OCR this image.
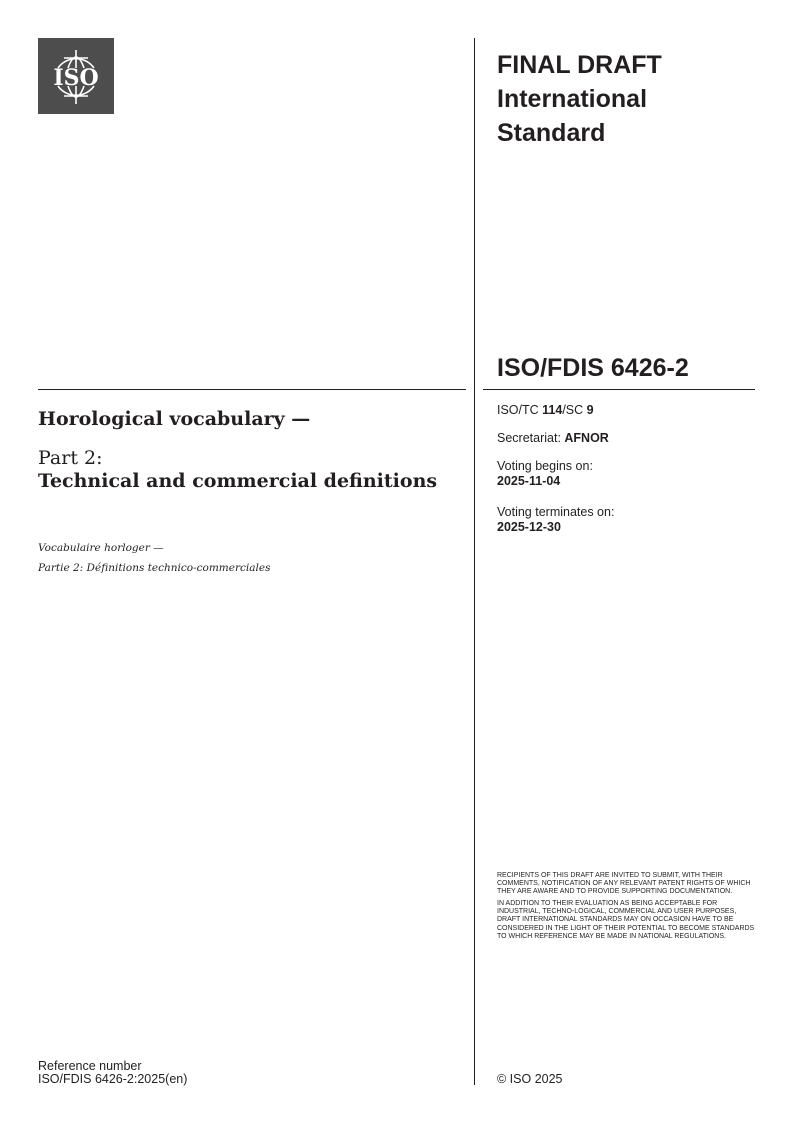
ISO	FINAL DRAFT
International
Standard
ISO/FDIS 6426-2
Horological vocabulary —
Part 2:
Technical and commercial definitions
Vocabulaire horloger —
Partie 2: Définitions technico-commerciales
ISO/TC 114/SC 9
Secretariat: AFNOR
Voting begins on:
2025-11-04
Voting terminates on:
2025-12-30

RECIPIENTS OF THIS DRAFT ARE INVITED TO SUBMIT, WITH THEIR COMMENTS, NOTIFICATION OF ANY RELEVANT PATENT RIGHTS OF WHICH THEY ARE AWARE AND TO PROVIDE SUPPORTING DOCUMENTATION.

IN ADDITION TO THEIR EVALUATION AS BEING ACCEPTABLE FOR INDUSTRIAL, TECHNO-LOGICAL, COMMERCIAL AND USER PURPOSES, DRAFT INTERNATIONAL STANDARDS MAY ON OCCASION HAVE TO BE CONSIDERED IN THE LIGHT OF THEIR POTENTIAL TO BECOME STANDARDS TO WHICH REFERENCE MAY BE MADE IN NATIONAL REGULATIONS.

Reference number
ISO/FDIS 6426-2:2025(en)	© ISO 2025
